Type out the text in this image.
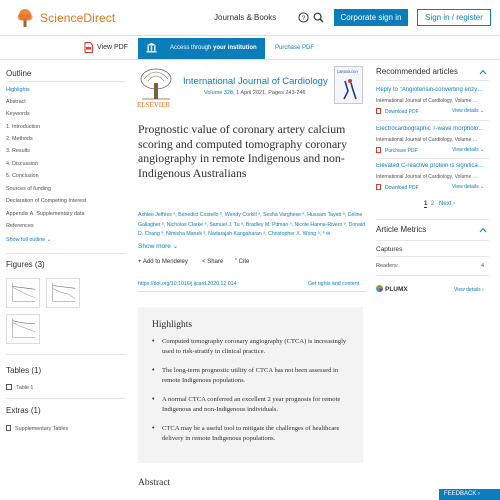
ScienceDirect	Journals & Books	?	Corporate sign in	Sign in / register
View PDF	Access through your institution	Purchase PDF
Outline
Highlights
Abstract
Keywords
1. Introduction
2. Methods
3. Results
4. Discussion
5. Conclusion
Sources of funding
Declaration of Competing Interest
Appendix A. Supplementary data
References
Show full outline ⌄
Figures (3)
Tables (1)
Table 1
Extras (1)
Supplementary Tables
ELSEVIER
International Journal of Cardiology
Volume 328, 1 April 2021, Pages 243-246
CARDIOLOGY
Prognostic value of coronary artery calcium scoring and computed tomography coronary angiography in remote Indigenous and non-Indigenous Australians
Ashlee Jeffries ᵃ, Benedict Costello ᵇ, Wendy Corkill ᵃ, Sesha Varghese ᵃ, Hussam Tayeb ᵃ, Celine Gallagher ᵃ, Nicholas Clarke ᵃ, Samuel J. Tu ᵃ, Bradley M. Pitman ᵃ, Nicole Hanna-Rivero ᵃ, Donald D. Chang ᵃ, Nimisha Manek ᵃ, Nadarajah Kangaharan ᵃ, Christopher X. Wong ᵃ, ⁸ ✉
Show more ⌄
+ Add to Mendeley < Share ” Cite
https://doi.org/10.1016/j.ijcard.2020.12.014	Get rights and content
Highlights
• Computed tomography coronary angiography (CTCA) is increasingly used to risk-stratify in clinical practice.
• The long-term prognostic utility of CTCA has not been assessed in remote Indigenous populations.
• A normal CTCA conferred an excellent 2 year prognosis for remote Indigenous and non-Indigenous individuals.
• CTCA may be a useful tool to mitigate the challenges of healthcare delivery in remote Indigenous populations.
Abstract
Recommended articles
Reply to "Angiotensin-converting enzy…
International Journal of Cardiology, Volume …
Download PDF	View details ⌄
Electrocardiographic T-wave morpholo…
International Journal of Cardiology, Volume …
Purchase PDF	View details ⌄
Elevated C-reactive protein is significa…
International Journal of Cardiology, Volume …
Download PDF	View details ⌄
1 2 Next ›
Article Metrics
Captures
Readers:	4
PLUMX	View details ›
FEEDBACK ›
